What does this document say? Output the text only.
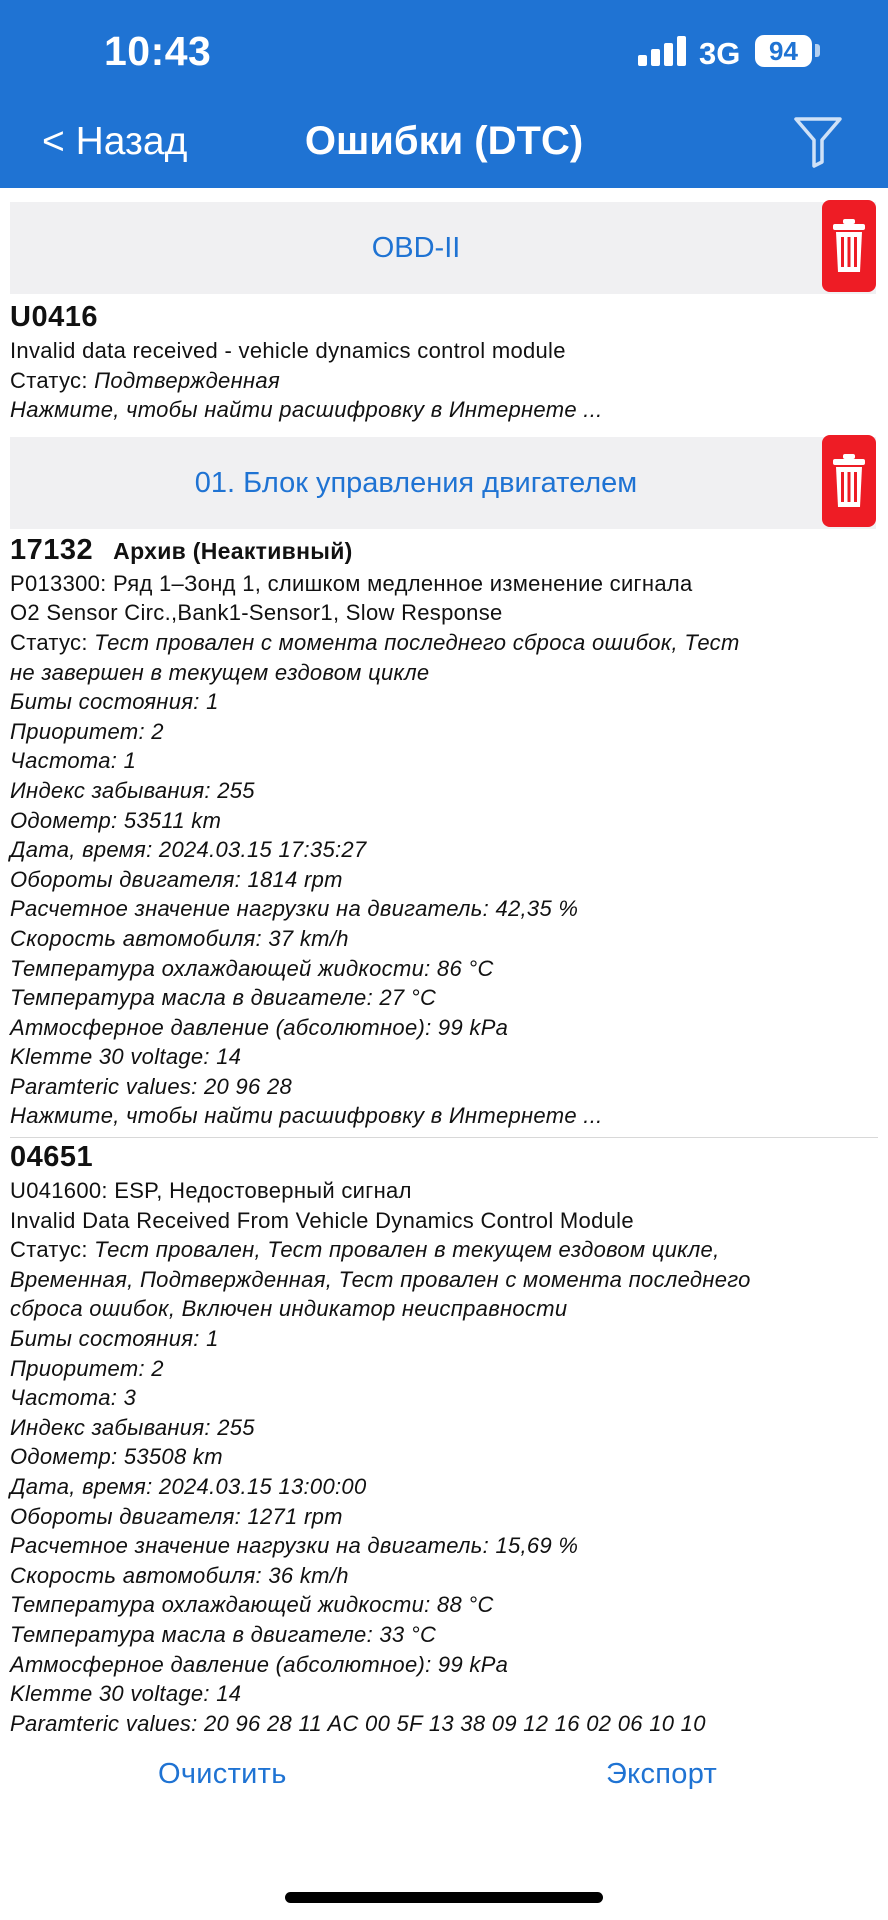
10:43	3G	94
< Назад	Ошибки (DTC)
OBD-II
U0416
Invalid data received - vehicle dynamics control module
Статус: Подтвержденная
Нажмите, чтобы найти расшифровку в Интернете ...
01. Блок управления двигателем
17132 Архив (Неактивный)
P013300: Ряд 1–Зонд 1, слишком медленное изменение сигнала
O2 Sensor Circ.,Bank1-Sensor1, Slow Response
Статус: Тест провален с момента последнего сброса ошибок, Тест
не завершен в текущем ездовом цикле
Биты состояния: 1
Приоритет: 2
Частота: 1
Индекс забывания: 255
Одометр: 53511 km
Дата, время: 2024.03.15 17:35:27
Обороты двигателя: 1814 rpm
Расчетное значение нагрузки на двигатель: 42,35 %
Скорость автомобиля: 37 km/h
Температура охлаждающей жидкости: 86 °C
Температура масла в двигателе: 27 °C
Атмосферное давление (абсолютное): 99 kPa
Klemme 30 voltage: 14
Paramteric values: 20 96 28
Нажмите, чтобы найти расшифровку в Интернете ...
04651
U041600: ESP, Недостоверный сигнал
Invalid Data Received From Vehicle Dynamics Control Module
Статус: Тест провален, Тест провален в текущем ездовом цикле,
Временная, Подтвержденная, Тест провален с момента последнего
сброса ошибок, Включен индикатор неисправности
Биты состояния: 1
Приоритет: 2
Частота: 3
Индекс забывания: 255
Одометр: 53508 km
Дата, время: 2024.03.15 13:00:00
Обороты двигателя: 1271 rpm
Расчетное значение нагрузки на двигатель: 15,69 %
Скорость автомобиля: 36 km/h
Температура охлаждающей жидкости: 88 °C
Температура масла в двигателе: 33 °C
Атмосферное давление (абсолютное): 99 kPa
Klemme 30 voltage: 14
Paramteric values: 20 96 28 11 AC 00 5F 13 38 09 12 16 02 06 10 10
Очистить	Экспорт
